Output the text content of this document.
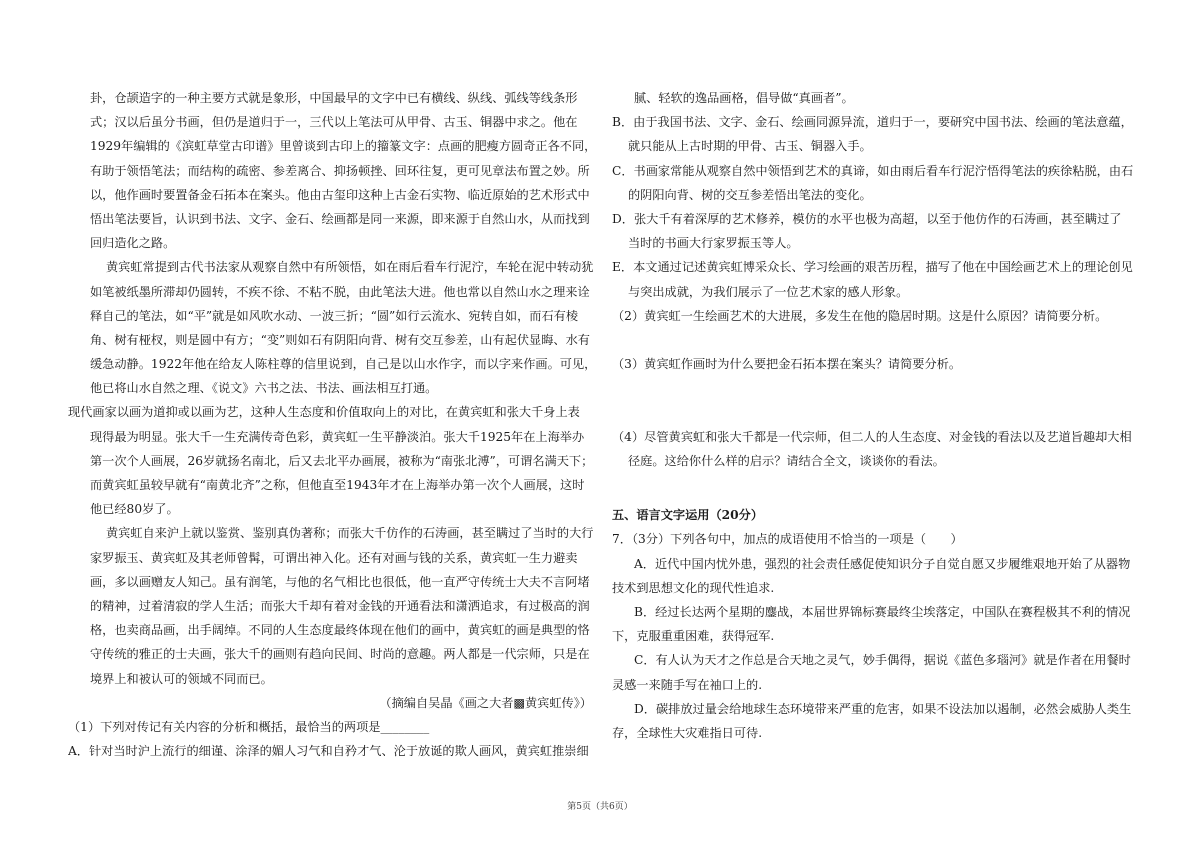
卦，仓颉造字的一种主要方式就是象形，中国最早的文字中已有横线、纵线、弧线等线条形
式；汉以后虽分书画，但仍是道归于一，三代以上笔法可从甲骨、古玉、铜器中求之。他在
1929年编辑的《滨虹草堂古印谱》里曾谈到古印上的籀篆文字：点画的肥瘦方圆奇正各不同，
有助于领悟笔法；而结构的疏密、参差离合、抑扬顿挫、回环往复，更可见章法布置之妙。所
以，他作画时要置备金石拓本在案头。他由古玺印这种上古金石实物、临近原始的艺术形式中
悟出笔法要旨，认识到书法、文字、金石、绘画都是同一来源，即来源于自然山水，从而找到
回归造化之路。
黄宾虹常提到古代书法家从观察自然中有所领悟，如在雨后看车行泥泞，车轮在泥中转动犹
如笔被纸墨所滞却仍圆转，不疾不徐、不粘不脱，由此笔法大进。他也常以自然山水之理来诠
释自己的笔法，如“平”就是如风吹水动、一波三折；“圆”如行云流水、宛转自如，而石有棱
角、树有桠杈，则是圆中有方；“变”则如石有阴阳向背、树有交互参差，山有起伏显晦、水有
缓急动静。1922年他在给友人陈柱尊的信里说到，自己是以山水作字，而以字来作画。可见，
他已将山水自然之理、《说文》六书之法、书法、画法相互打通。
现代画家以画为道抑或以画为艺，这种人生态度和价值取向上的对比，在黄宾虹和张大千身上表
现得最为明显。张大千一生充满传奇色彩，黄宾虹一生平静淡泊。张大千1925年在上海举办
第一次个人画展，26岁就扬名南北，后又去北平办画展，被称为“南张北溥”，可谓名满天下；
而黄宾虹虽较早就有“南黄北齐”之称，但他直至1943年才在上海举办第一次个人画展，这时
他已经80岁了。
黄宾虹自来沪上就以鉴赏、鉴别真伪著称；而张大千仿作的石涛画，甚至瞒过了当时的大行
家罗振玉、黄宾虹及其老师曾髯，可谓出神入化。还有对画与钱的关系，黄宾虹一生力避卖
画，多以画赠友人知己。虽有润笔，与他的名气相比也很低，他一直严守传统士大夫不言阿堵
的精神，过着清寂的学人生活；而张大千却有着对金钱的开通看法和潇洒追求，有过极高的润
格，也卖商品画，出手阔绰。不同的人生态度最终体现在他们的画中，黄宾虹的画是典型的恪
守传统的雅正的士夫画，张大千的画则有趋向民间、时尚的意趣。两人都是一代宗师，只是在
境界上和被认可的领域不同而已。
（摘编自吴晶《画之大者▩黄宾虹传》）
（1）下列对传记有关内容的分析和概括，最恰当的两项是________
A．针对当时沪上流行的细谨、涂泽的媚人习气和自矜才气、沦于放诞的欺人画风，黄宾虹推崇细
腻、轻软的逸品画格，倡导做“真画者”。
B．由于我国书法、文字、金石、绘画同源异流，道归于一，要研究中国书法、绘画的笔法意蕴，
就只能从上古时期的甲骨、古玉、铜器入手。
C．书画家常能从观察自然中领悟到艺术的真谛，如由雨后看车行泥泞悟得笔法的疾徐粘脱，由石
的阴阳向背、树的交互参差悟出笔法的变化。
D．张大千有着深厚的艺术修养，模仿的水平也极为高超，以至于他仿作的石涛画，甚至瞒过了
当时的书画大行家罗振玉等人。
E．本文通过记述黄宾虹博采众长、学习绘画的艰苦历程，描写了他在中国绘画艺术上的理论创见
与突出成就，为我们展示了一位艺术家的感人形象。
（2）黄宾虹一生绘画艺术的大进展，多发生在他的隐居时期。这是什么原因？请简要分析。
（3）黄宾虹作画时为什么要把金石拓本摆在案头？请简要分析。
（4）尽管黄宾虹和张大千都是一代宗师，但二人的人生态度、对金钱的看法以及艺道旨趣却大相
径庭。这给你什么样的启示？请结合全文，谈谈你的看法。
五、语言文字运用（20分）
7．（3分）下列各句中，加点的成语使用不恰当的一项是（　　）
A．近代中国内忧外患，强烈的社会责任感促使知识分子自觉自愿又步履维艰地开始了从器物
技术到思想文化的现代性追求.
B．经过长达两个星期的鏖战，本届世界锦标赛最终尘埃落定，中国队在赛程极其不利的情况
下，克服重重困难，获得冠军.
C．有人认为天才之作总是合天地之灵气，妙手偶得，据说《蓝色多瑙河》就是作者在用餐时
灵感一来随手写在袖口上的.
D．碳排放过量会给地球生态环境带来严重的危害，如果不设法加以遏制，必然会威胁人类生
存，全球性大灾难指日可待.
第5页（共6页）
